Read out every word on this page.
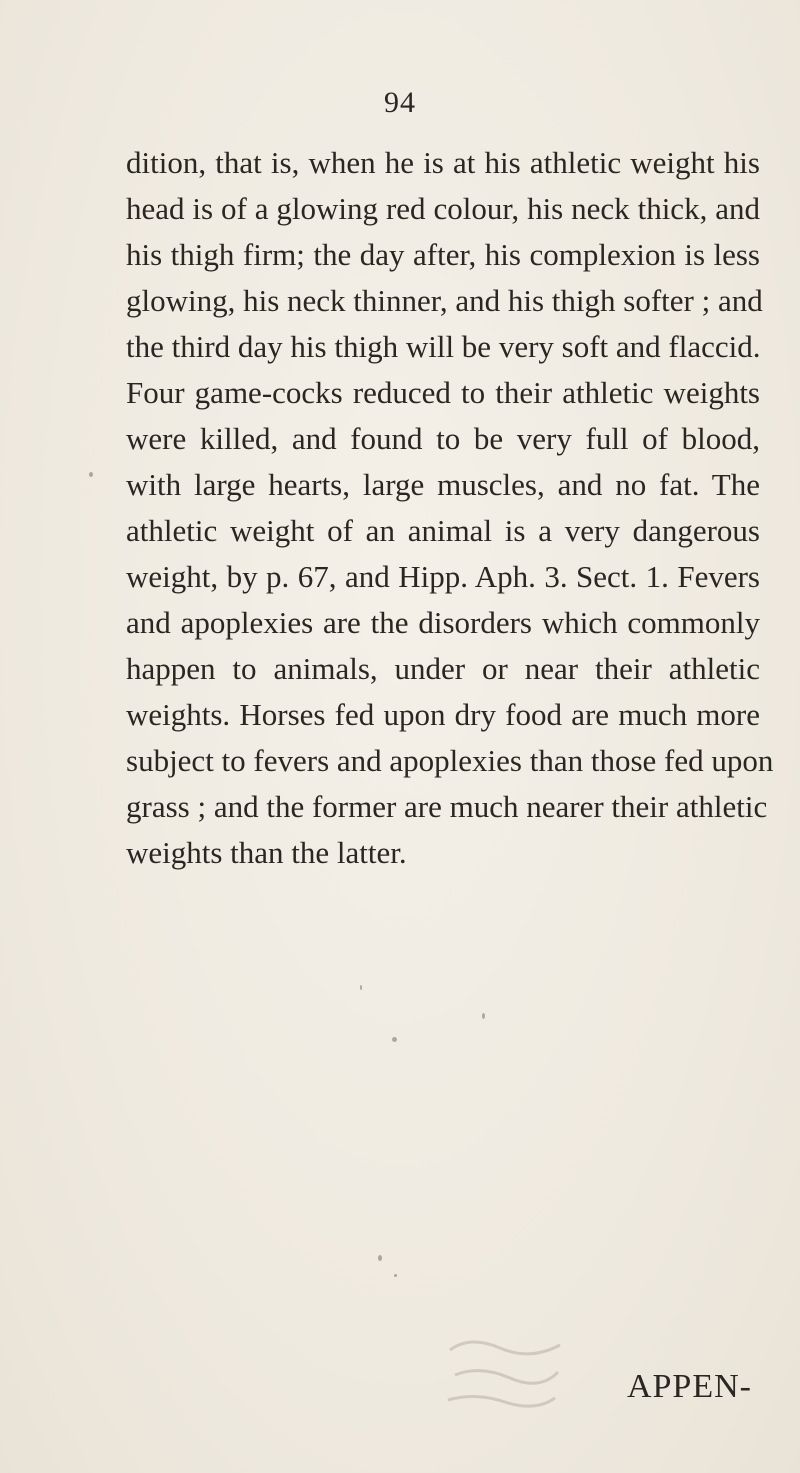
94
dition, that is, when he is at his athletic weight his
head is of a glowing red colour, his neck thick, and
his thigh firm; the day after, his complexion is less
glowing, his neck thinner, and his thigh softer ; and
the third day his thigh will be very soft and flaccid.
Four game-cocks reduced to their athletic weights
were killed, and found to be very full of blood,
with large hearts, large muscles, and no fat. The
athletic weight of an animal is a very dangerous
weight, by p. 67, and Hipp. Aph. 3. Sect. 1. Fevers
and apoplexies are the disorders which commonly
happen to animals, under or near their athletic
weights. Horses fed upon dry food are much more
subject to fevers and apoplexies than those fed upon
grass ; and the former are much nearer their athletic
weights than the latter.
APPEN-
